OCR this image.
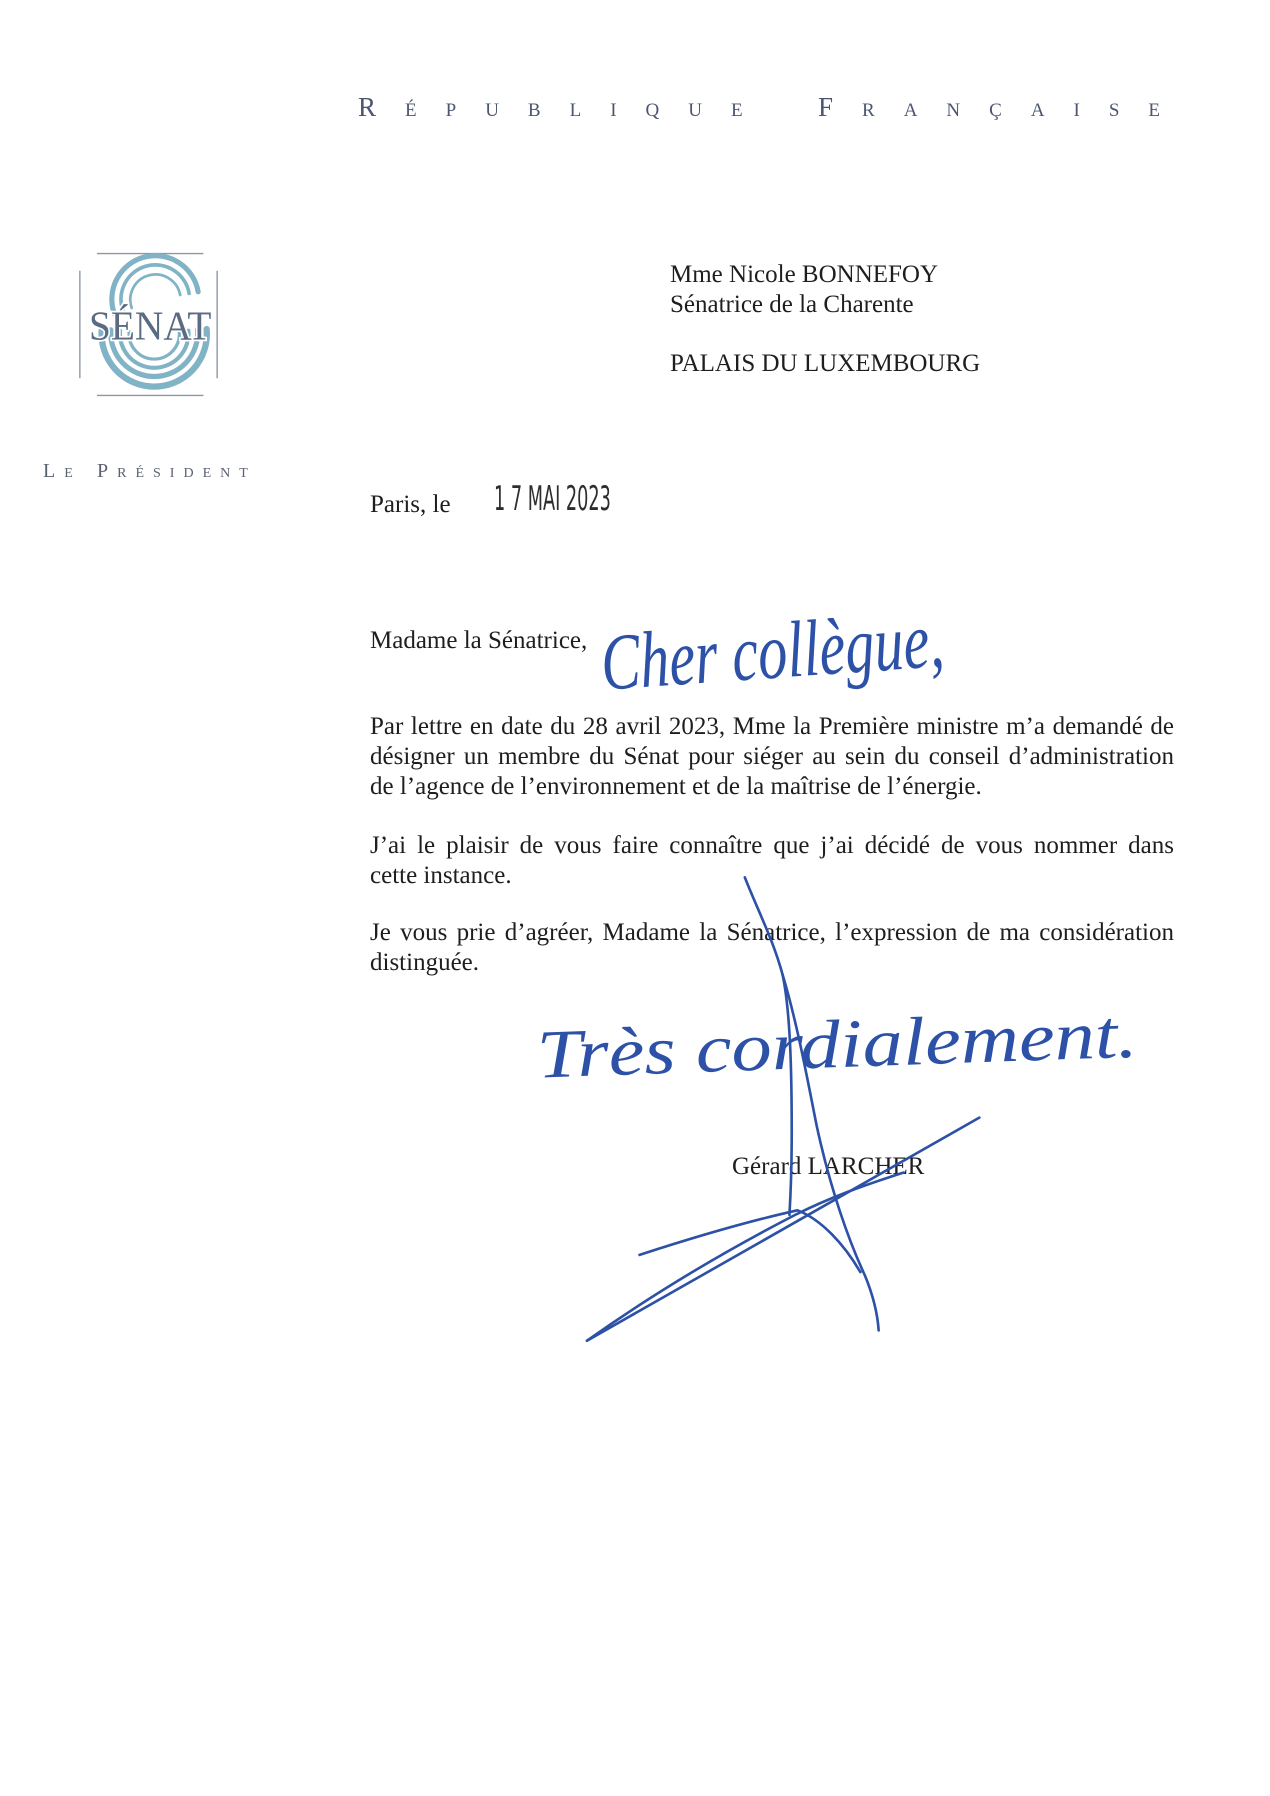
RÉPUBLIQUE FRANÇAISE
SÉNAT
LE PRÉSIDENT
Mme Nicole BONNEFOY
Sénatrice de la Charente
PALAIS DU LUXEMBOURG
Paris, le 1 7 MAI 2023
Madame la Sénatrice,
Par lettre en date du 28 avril 2023, Mme la Première ministre m’a demandé de
désigner un membre du Sénat pour siéger au sein du conseil d’administration
de l’agence de l’environnement et de la maîtrise de l’énergie.
J’ai le plaisir de vous faire connaître que j’ai décidé de vous nommer dans
cette instance.
Je vous prie d’agréer, Madame la Sénatrice, l’expression de ma considération
distinguée.
Gérard LARCHER
Cher collègue,
Très cordialement.
